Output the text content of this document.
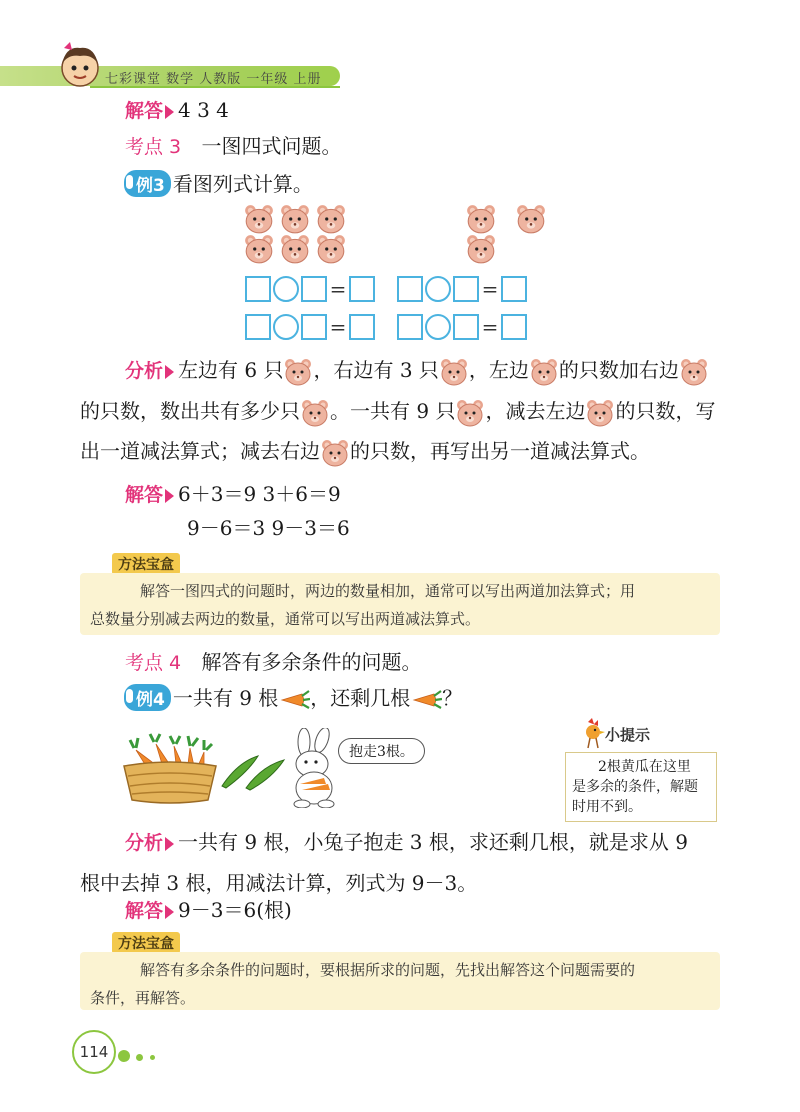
七彩课堂 数学 人教版 一年级 上册
解答 4 3 4
考点 3 一图四式问题。
例3 看图列式计算。

=	=
=	=
分析 左边有 6 只 ，右边有 3 只 ，左边 的只数加右边
的只数，数出共有多少只 。一共有 9 只 ，减去左边 的只数，写
出一道减法算式；减去右边 的只数，再写出另一道减法算式。
解答 6＋3＝9 3＋6＝9
9－6＝3 9－3＝6
方法宝盒
解答一图四式的问题时，两边的数量相加，通常可以写出两道加法算式；用
总数量分别减去两边的数量，通常可以写出两道减法算式。
考点 4 解答有多余条件的问题。
例4 一共有 9 根 ，还剩几根 ？
抱走3根。
小提示
2根黄瓜在这里
是多余的条件，解题
时用不到。
分析 一共有 9 根，小兔子抱走 3 根，求还剩几根，就是求从 9
根中去掉 3 根，用减法计算，列式为 9－3。
解答 9－3＝6(根)
方法宝盒
解答有多余条件的问题时，要根据所求的问题，先找出解答这个问题需要的
条件，再解答。
114
